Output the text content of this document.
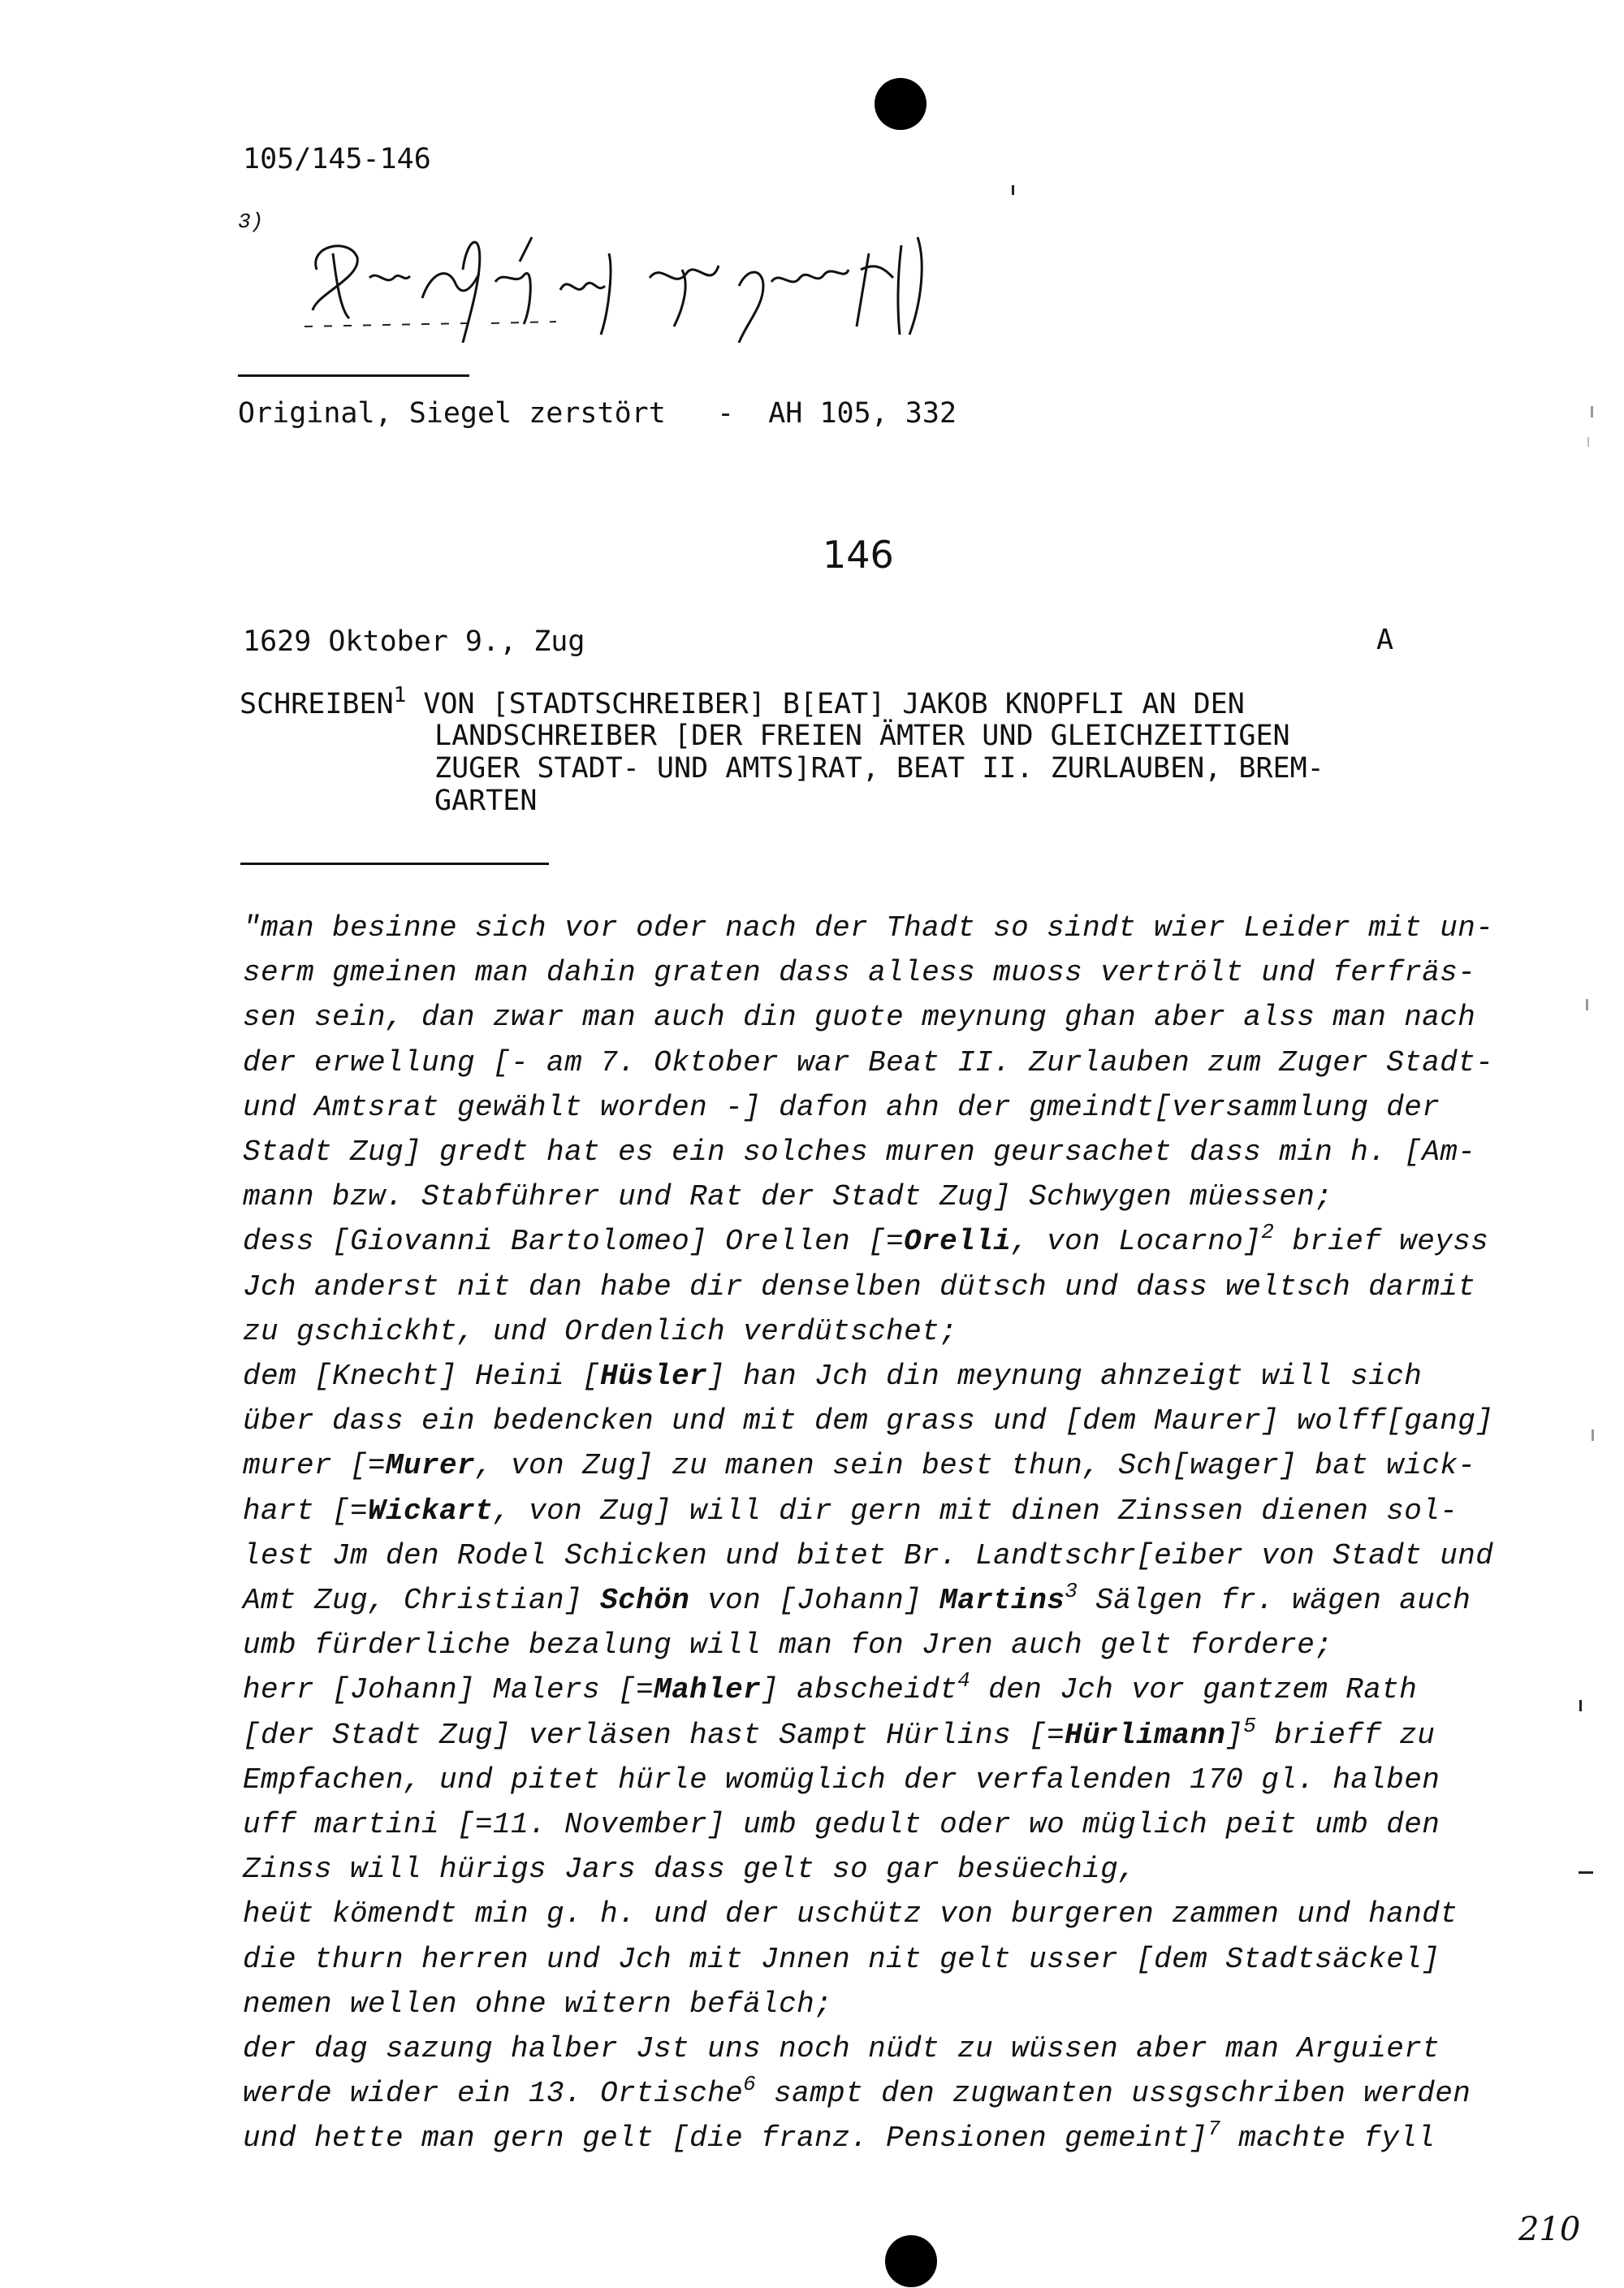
105/145-146
3)

Original, Siegel zerstört   -  AH 105, 332
146
1629 Oktober 9., Zug	A
SCHREIBEN$^1$ VON [STADTSCHREIBER] B[EAT] JAKOB KNOPFLI AN DEN
LANDSCHREIBER [DER FREIEN ÄMTER UND GLEICHZEITIGEN
ZUGER STADT- UND AMTS]RAT, BEAT II. ZURLAUBEN, BREM-
GARTEN
"man besinne sich vor oder nach der Thadt so sindt wier Leider mit un-
serm gmeinen man dahin graten dass alless muoss vertrölt und ferfräs-
sen sein, dan zwar man auch din guote meynung ghan aber alss man nach
der erwellung [- am 7. Oktober war Beat II. Zurlauben zum Zuger Stadt-
und Amtsrat gewählt worden -] dafon ahn der gmeindt[versammlung der
Stadt Zug] gredt hat es ein solches muren geursachet dass min h. [Am-
mann bzw. Stabführer und Rat der Stadt Zug] Schwygen müessen;
dess [Giovanni Bartolomeo] Orellen [=Orelli, von Locarno]$^2$ brief weyss
Jch anderst nit dan habe dir denselben dütsch und dass weltsch darmit
zu gschickht, und Ordenlich verdütschet;
dem [Knecht] Heini [Hüsler] han Jch din meynung ahnzeigt will sich
über dass ein bedencken und mit dem grass und [dem Maurer] wolff[gang]
murer [=Murer, von Zug] zu manen sein best thun, Sch[wager] bat wick-
hart [=Wickart, von Zug] will dir gern mit dinen Zinssen dienen sol-
lest Jm den Rodel Schicken und bitet Br. Landtschr[eiber von Stadt und
Amt Zug, Christian] Schön von [Johann] Martins$^3$ Sälgen fr. wägen auch
umb fürderliche bezalung will man fon Jren auch gelt fordere;
herr [Johann] Malers [=Mahler] abscheidt$^4$ den Jch vor gantzem Rath
[der Stadt Zug] verläsen hast Sampt Hürlins [=Hürlimann]$^5$ brieff zu
Empfachen, und pitet hürle womüglich der verfalenden 170 gl. halben
uff martini [=11. November] umb gedult oder wo müglich peit umb den
Zinss will hürigs Jars dass gelt so gar besüechig,
heüt kömendt min g. h. und der uschütz von burgeren zammen und handt
die thurn herren und Jch mit Jnnen nit gelt usser [dem Stadtsäckel]
nemen wellen ohne witern befälch;
der dag sazung halber Jst uns noch nüdt zu wüssen aber man Arguiert
werde wider ein 13. Ortische$^6$ sampt den zugwanten ussgschriben werden
und hette man gern gelt [die franz. Pensionen gemeint]$^7$ machte fyll
210
